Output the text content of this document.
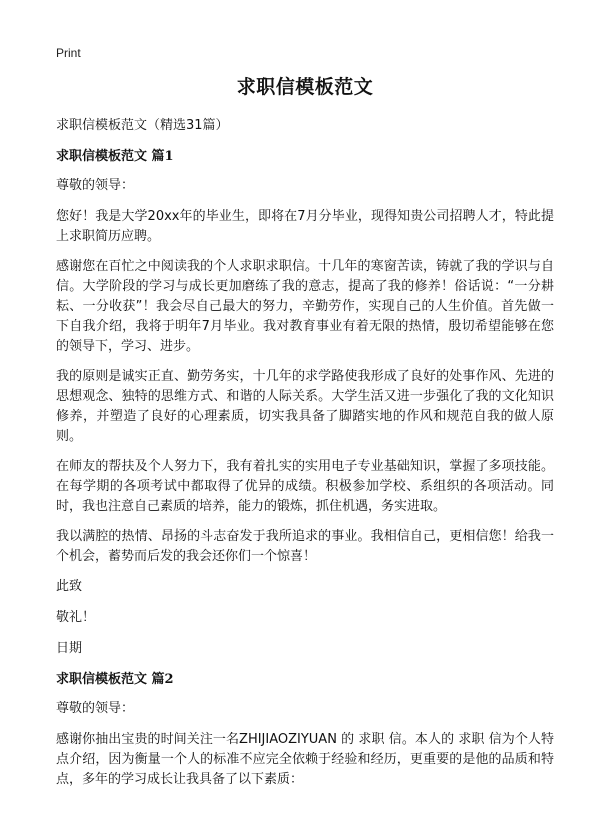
Print
求职信模板范文
求职信模板范文（精选31篇）
求职信模板范文 篇1

尊敬的领导：

您好！我是大学20xx年的毕业生，即将在7月分毕业，现得知贵公司招聘人才，特此提上求职简历应聘。

感谢您在百忙之中阅读我的个人求职求职信。十几年的寒窗苦读，铸就了我的学识与自信。大学阶段的学习与成长更加磨练了我的意志，提高了我的修养！俗话说：“一分耕耘、一分收获”！我会尽自己最大的努力，辛勤劳作，实现自己的人生价值。首先做一下自我介绍，我将于明年7月毕业。我对教育事业有着无限的热情，殷切希望能够在您的领导下，学习、进步。

我的原则是诚实正直、勤劳务实，十几年的求学路使我形成了良好的处事作风、先进的思想观念、独特的思维方式、和谐的人际关系。大学生活又进一步强化了我的文化知识修养，并塑造了良好的心理素质，切实我具备了脚踏实地的作风和规范自我的做人原则。

在师友的帮扶及个人努力下，我有着扎实的实用电子专业基础知识，掌握了多项技能。在每学期的各项考试中都取得了优异的成绩。积极参加学校、系组织的各项活动。同时，我也注意自己素质的培养，能力的锻炼，抓住机遇，务实进取。

我以满腔的热情、昂扬的斗志奋发于我所追求的事业。我相信自己，更相信您！给我一个机会，蓄势而后发的我会还你们一个惊喜！

此致

敬礼！

日期

求职信模板范文 篇2

尊敬的领导：

感谢你抽出宝贵的时间关注一名ZHIJIAOZIYUAN 的 求职 信。本人的 求职 信为个人特点介绍，因为衡量一个人的标准不应完全依赖于经验和经历，更重要的是他的品质和特点，多年的学习成长让我具备了以下素质：
